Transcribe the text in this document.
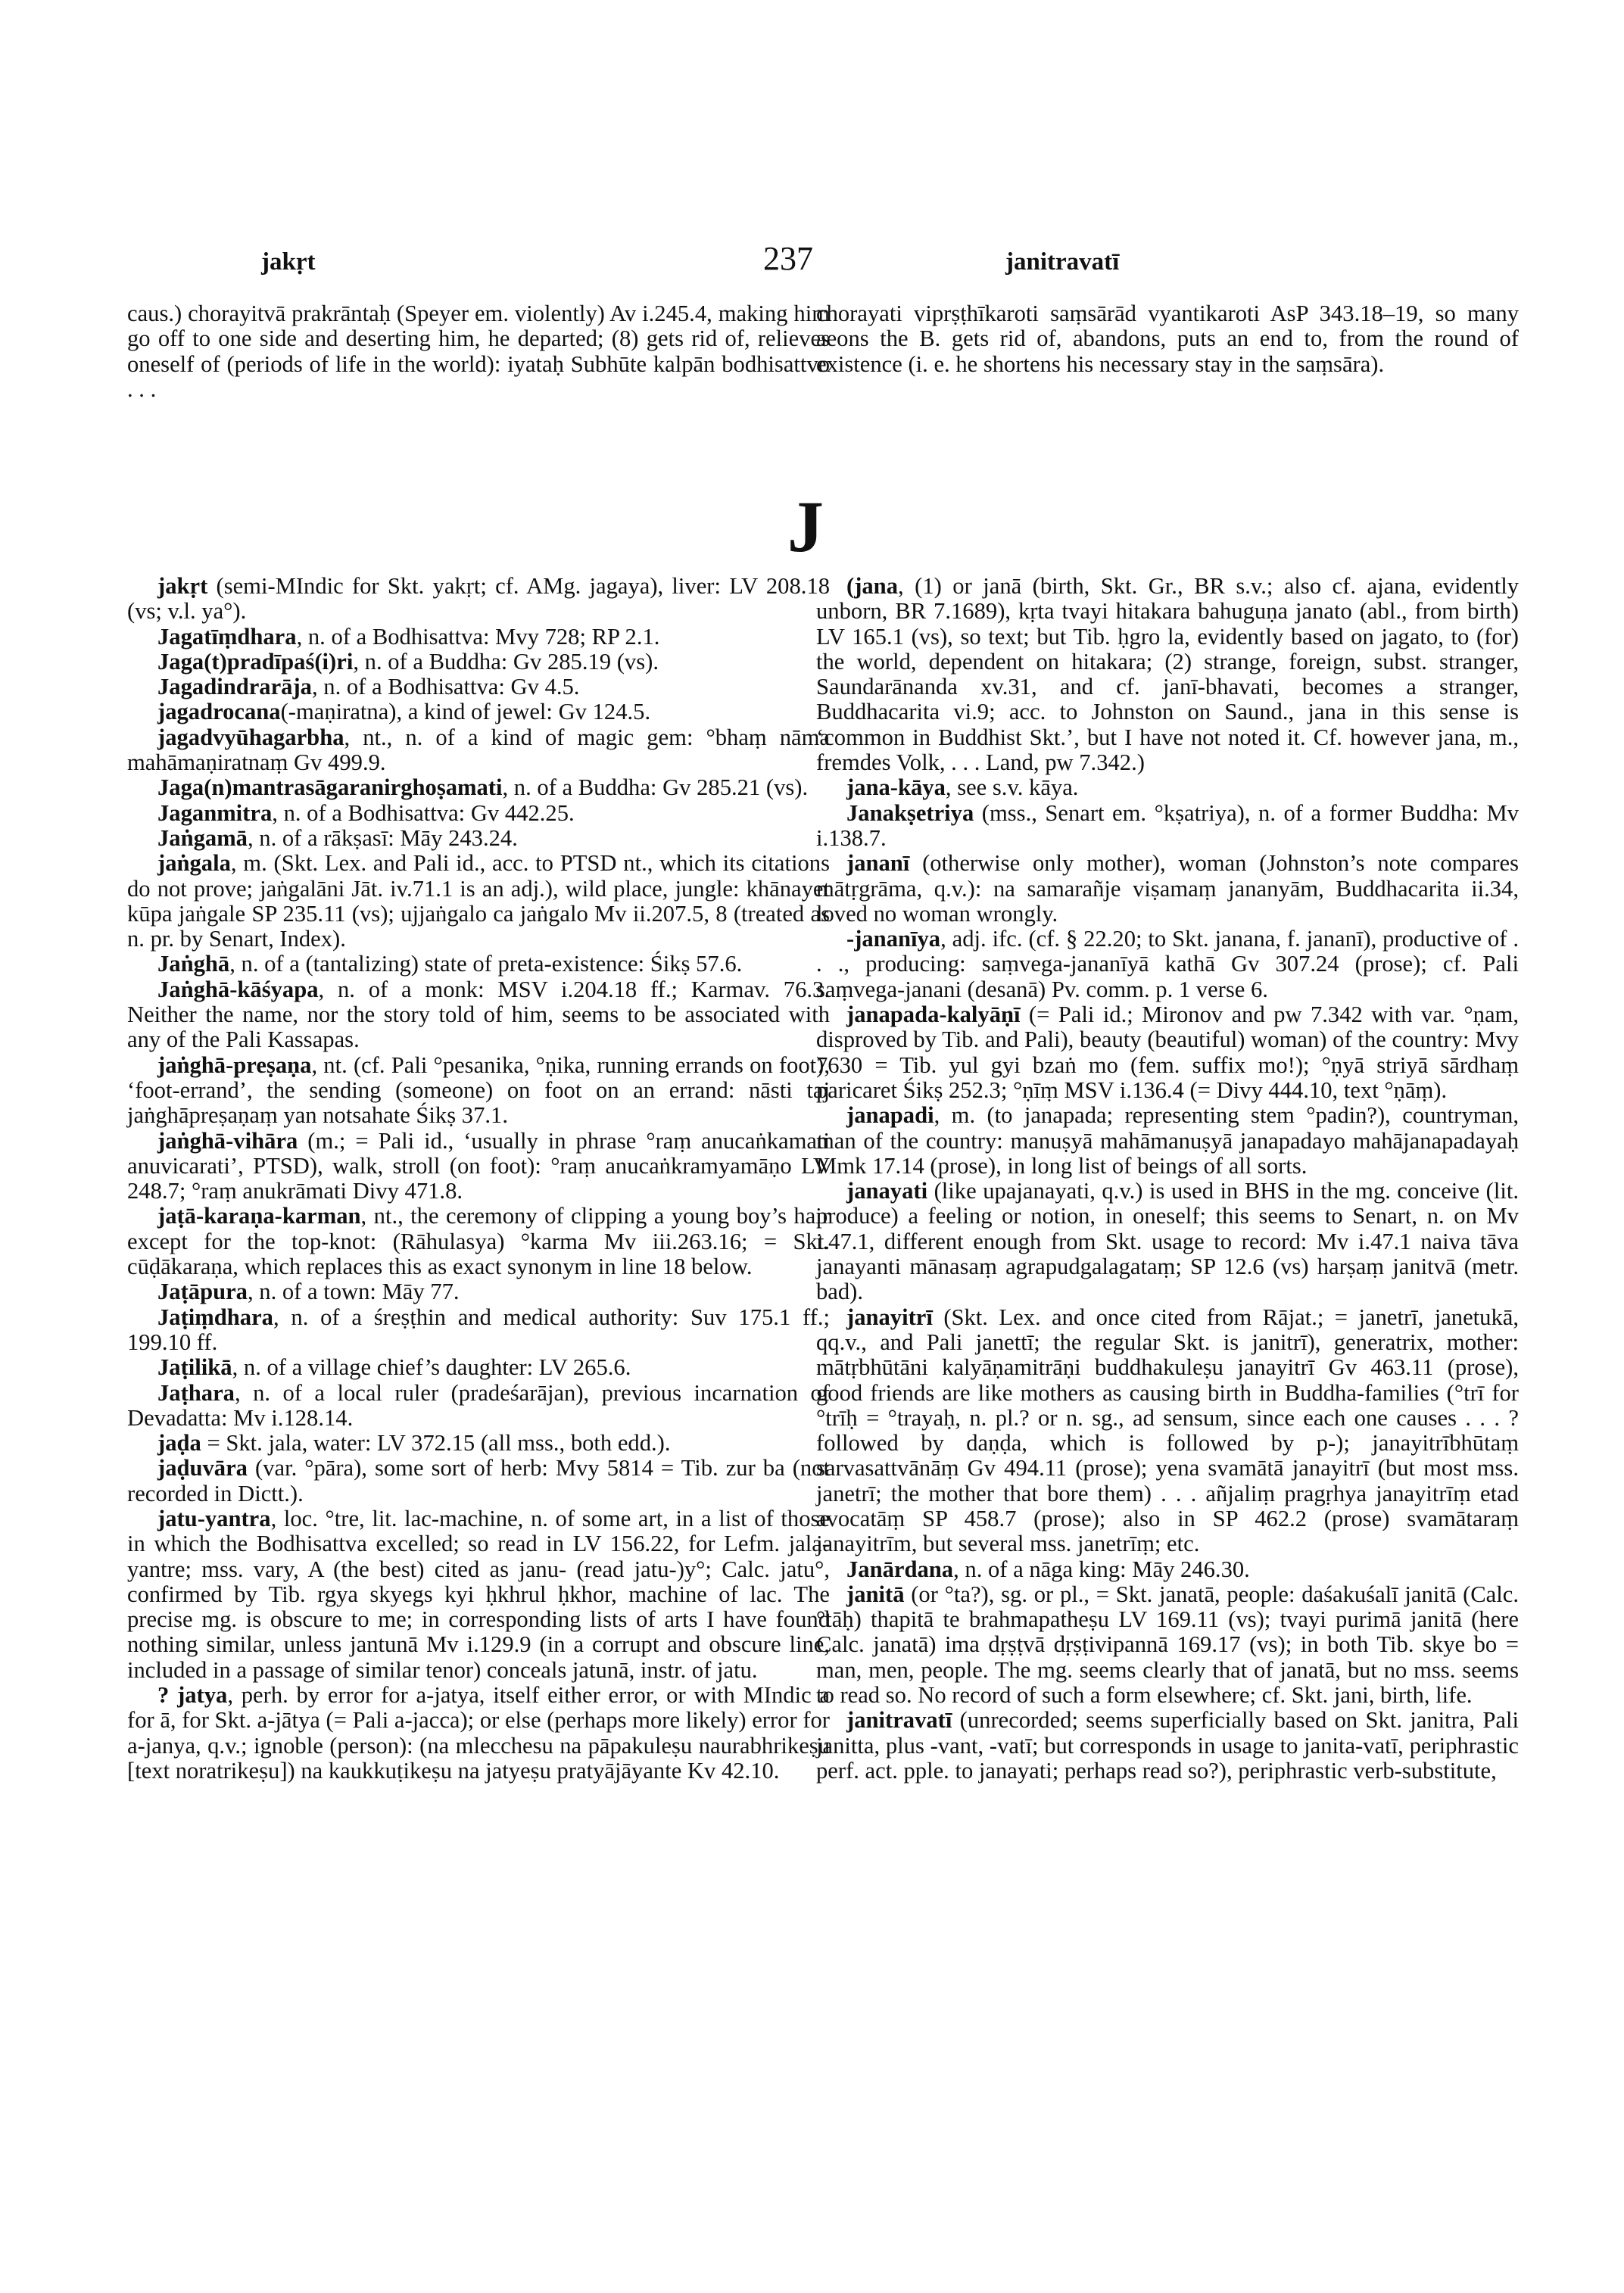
jakṛt	237	janitravatī

caus.) chorayitvā prakrāntaḥ (Speyer em. violently) Av i.245.4, making him go off to one side and deserting him, he departed; (8) gets rid of, relieves oneself of (periods of life in the world): iyataḥ Subhūte kalpān bodhisattvo . . .

chorayati viprṣṭhīkaroti saṃsārād vyantikaroti AsP 343.18–19, so many aeons the B. gets rid of, abandons, puts an end to, from the round of existence (i. e. he shortens his necessary stay in the saṃsāra).

J

jakṛt (semi-MIndic for Skt. yakṛt; cf. AMg. jagaya), liver: LV 208.18 (vs; v.l. ya°).

Jagatīṃdhara, n. of a Bodhisattva: Mvy 728; RP 2.1.

Jaga(t)pradīpaś(i)ri, n. of a Buddha: Gv 285.19 (vs).

Jagadindrarāja, n. of a Bodhisattva: Gv 4.5.

jagadrocana(-maṇiratna), a kind of jewel: Gv 124.5.

jagadvyūhagarbha, nt., n. of a kind of magic gem: °bhaṃ nāma mahāmaṇiratnaṃ Gv 499.9.

Jaga(n)mantrasāgaranirghoṣamati, n. of a Buddha: Gv 285.21 (vs).

Jaganmitra, n. of a Bodhisattva: Gv 442.25.

Jaṅgamā, n. of a rākṣasī: Māy 243.24.

jaṅgala, m. (Skt. Lex. and Pali id., acc. to PTSD nt., which its citations do not prove; jaṅgalāni Jāt. iv.71.1 is an adj.), wild place, jungle: khānayet kūpa jaṅgale SP 235.11 (vs); ujjaṅgalo ca jaṅgalo Mv ii.207.5, 8 (treated as n. pr. by Senart, Index).

Jaṅghā, n. of a (tantalizing) state of preta-existence: Śikṣ 57.6.

Jaṅghā-kāśyapa, n. of a monk: MSV i.204.18 ff.; Karmav. 76.3. Neither the name, nor the story told of him, seems to be associated with any of the Pali Kassapas.

jaṅghā-preṣaṇa, nt. (cf. Pali °pesanika, °ṇika, running errands on foot), ‘foot-errand’, the sending (someone) on foot on an errand: nāsti taj jaṅghāpreṣaṇaṃ yan notsahate Śikṣ 37.1.

jaṅghā-vihāra (m.; = Pali id., ‘usually in phrase °raṃ anucaṅkamati anuvicarati’, PTSD), walk, stroll (on foot): °raṃ anucaṅkramyamāṇo LV 248.7; °raṃ anukrāmati Divy 471.8.

jaṭā-karaṇa-karman, nt., the ceremony of clipping a young boy’s hair except for the top-knot: (Rāhulasya) °karma Mv iii.263.16; = Skt. cūḍākaraṇa, which replaces this as exact synonym in line 18 below.

Jaṭāpura, n. of a town: Māy 77.

Jaṭiṃdhara, n. of a śreṣṭhin and medical authority: Suv 175.1 ff.; 199.10 ff.

Jaṭilikā, n. of a village chief’s daughter: LV 265.6.

Jaṭhara, n. of a local ruler (pradeśarājan), previous incarnation of Devadatta: Mv i.128.14.

jaḍa = Skt. jala, water: LV 372.15 (all mss., both edd.).

jaḍuvāra (var. °pāra), some sort of herb: Mvy 5814 = Tib. zur ba (not recorded in Dictt.).

jatu-yantra, loc. °tre, lit. lac-machine, n. of some art, in a list of those in which the Bodhisattva excelled; so read in LV 156.22, for Lefm. jala-yantre; mss. vary, A (the best) cited as janu- (read jatu-)y°; Calc. jatu°, confirmed by Tib. rgya skyegs kyi ḥkhrul ḥkhor, machine of lac. The precise mg. is obscure to me; in corresponding lists of arts I have found nothing similar, unless jantunā Mv i.129.9 (in a corrupt and obscure line, included in a passage of similar tenor) conceals jatunā, instr. of jatu.

? jatya, perh. by error for a-jatya, itself either error, or with MIndic a for ā, for Skt. a-jātya (= Pali a-jacca); or else (perhaps more likely) error for a-janya, q.v.; ignoble (person): (na mlecchesu na pāpakuleṣu naurabhrikeṣu [text noratrikeṣu]) na kaukkuṭikeṣu na jatyeṣu pratyājāyante Kv 42.10.

(jana, (1) or janā (birth, Skt. Gr., BR s.v.; also cf. ajana, evidently unborn, BR 7.1689), kṛta tvayi hitakara bahuguṇa janato (abl., from birth) LV 165.1 (vs), so text; but Tib. ḥgro la, evidently based on jagato, to (for) the world, dependent on hitakara; (2) strange, foreign, subst. stranger, Saundarānanda xv.31, and cf. janī-bhavati, becomes a stranger, Buddhacarita vi.9; acc. to Johnston on Saund., jana in this sense is ‘common in Buddhist Skt.’, but I have not noted it. Cf. however jana, m., fremdes Volk, . . . Land, pw 7.342.)

jana-kāya, see s.v. kāya.

Janakṣetriya (mss., Senart em. °kṣatriya), n. of a former Buddha: Mv i.138.7.

jananī (otherwise only mother), woman (Johnston’s note compares mātṛgrāma, q.v.): na samarañje viṣamaṃ jananyām, Buddhacarita ii.34, loved no woman wrongly.

-jananīya, adj. ifc. (cf. § 22.20; to Skt. janana, f. jananī), productive of . . ., producing: saṃvega-jananīyā kathā Gv 307.24 (prose); cf. Pali saṃvega-janani (desanā) Pv. comm. p. 1 verse 6.

janapada-kalyāṇī (= Pali id.; Mironov and pw 7.342 with var. °ṇam, disproved by Tib. and Pali), beauty (beautiful) woman) of the country: Mvy 7630 = Tib. yul gyi bzaṅ mo (fem. suffix mo!); °ṇyā striyā sārdhaṃ paricaret Śikṣ 252.3; °ṇīṃ MSV i.136.4 (= Divy 444.10, text °ṇāṃ).

janapadi, m. (to janapada; representing stem °padin?), countryman, man of the country: manuṣyā mahāmanuṣyā janapadayo mahājanapadayaḥ Mmk 17.14 (prose), in long list of beings of all sorts.

janayati (like upajanayati, q.v.) is used in BHS in the mg. conceive (lit. produce) a feeling or notion, in oneself; this seems to Senart, n. on Mv i.47.1, different enough from Skt. usage to record: Mv i.47.1 naiva tāva janayanti mānasaṃ agrapudgalagataṃ; SP 12.6 (vs) harṣaṃ janitvā (metr. bad).

janayitrī (Skt. Lex. and once cited from Rājat.; = janetrī, janetukā, qq.v., and Pali janettī; the regular Skt. is janitrī), generatrix, mother: mātṛbhūtāni kalyāṇamitrāṇi buddhakuleṣu janayitrī Gv 463.11 (prose), good friends are like mothers as causing birth in Buddha-families (°trī for °trīḥ = °trayaḥ, n. pl.? or n. sg., ad sensum, since each one causes . . . ? followed by daṇḍa, which is followed by p-); janayitrībhūtaṃ sarvasattvānāṃ Gv 494.11 (prose); yena svamātā janayitrī (but most mss. janetrī; the mother that bore them) . . . añjaliṃ pragṛhya janayitrīṃ etad avocatāṃ SP 458.7 (prose); also in SP 462.2 (prose) svamātaraṃ janayitrīm, but several mss. janetrīṃ; etc.

Janārdana, n. of a nāga king: Māy 246.30.

janitā (or °ta?), sg. or pl., = Skt. janatā, people: daśakuśalī janitā (Calc. °tāḥ) thapitā te brahmapatheṣu LV 169.11 (vs); tvayi purimā janitā (here Calc. janatā) ima dṛṣṭvā dṛṣṭivipannā 169.17 (vs); in both Tib. skye bo = man, men, people. The mg. seems clearly that of janatā, but no mss. seems to read so. No record of such a form elsewhere; cf. Skt. jani, birth, life.

janitravatī (unrecorded; seems superficially based on Skt. janitra, Pali janitta, plus -vant, -vatī; but corresponds in usage to janita-vatī, periphrastic perf. act. pple. to janayati; perhaps read so?), periphrastic verb-substitute,
